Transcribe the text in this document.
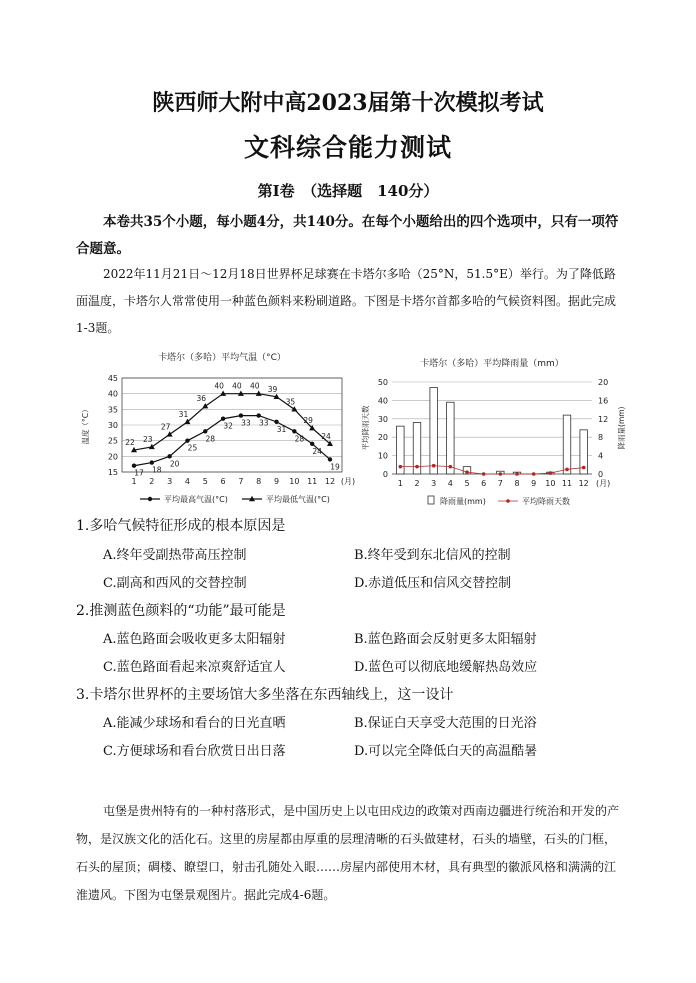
陕西师大附中高2023届第十次模拟考试
文科综合能力测试
第Ⅰ卷　（选择题　140分）
本卷共35个小题，每小题4分，共140分。在每个小题给出的四个选项中，只有一项符合题意。
2022年11月21日～12月18日世界杯足球赛在卡塔尔多哈（25°N，51.5°E）举行。为了降低路面温度，卡塔尔人常常使用一种蓝色颜料来粉刷道路。下图是卡塔尔首都多哈的气候资料图。据此完成1-3题。
卡塔尔（多哈）平均气温（°C）
温度（°C）
15
20
25
30
35
40
45
1 2 3 4 5 6 7 8 9 10 11 12 (月)
22 23
27
31
36
40 40 40 39
35
29
24
17 18
20
25
28
32 33 33
31
28
24
19
平均最高气温(°C)	平均最低气温(°C)
卡塔尔（多哈）平均降雨量（mm）
平均降雨天数	降雨量(mm)
0
10
20
30
40
50
0
4
8
12
16
20
1 2 3 4 5 6 7 8 9 10 11 12 (月)
降雨量(mm)	平均降雨天数
1.多哈气候特征形成的根本原因是
A.终年受副热带高压控制	B.终年受到东北信风的控制
C.副高和西风的交替控制	D.赤道低压和信风交替控制
2.推测蓝色颜料的“功能”最可能是
A.蓝色路面会吸收更多太阳辐射	B.蓝色路面会反射更多太阳辐射
C.蓝色路面看起来凉爽舒适宜人	D.蓝色可以彻底地缓解热岛效应
3.卡塔尔世界杯的主要场馆大多坐落在东西轴线上，这一设计
A.能减少球场和看台的日光直晒	B.保证白天享受大范围的日光浴
C.方便球场和看台欣赏日出日落	D.可以完全降低白天的高温酷暑
屯堡是贵州特有的一种村落形式，是中国历史上以屯田戍边的政策对西南边疆进行统治和开发的产物，是汉族文化的活化石。这里的房屋都由厚重的层理清晰的石头做建材，石头的墙壁，石头的门框，石头的屋顶；碉楼、瞭望口，射击孔随处入眼……房屋内部使用木材，具有典型的徽派风格和满满的江淮遗风。下图为屯堡景观图片。据此完成4-6题。
